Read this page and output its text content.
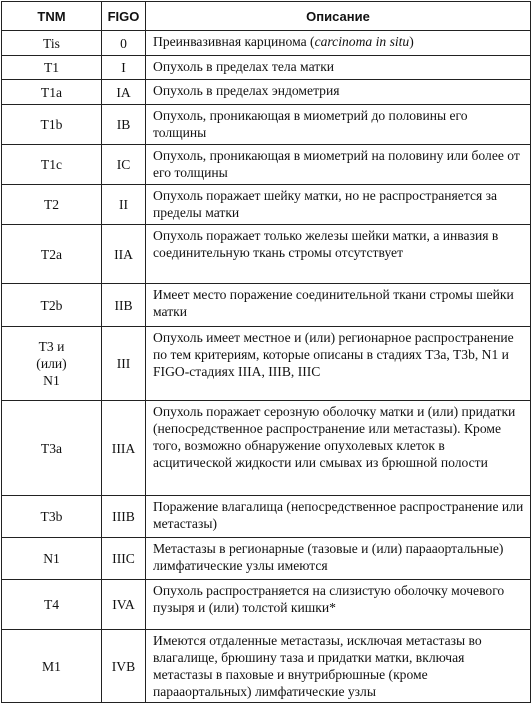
TNM	FIGO	Описание
Tis	0	Преинвазивная карцинома (carcinoma in situ)
T1	I	Опухоль в пределах тела матки
T1a	IA	Опухоль в пределах эндометрия
T1b	IB	Опухоль, проникающая в миометрий до половины его толщины
T1c	IC	Опухоль, проникающая в миометрий на половину или более от его толщины
T2	II	Опухоль поражает шейку матки, но не распространяется за пределы матки
T2a	IIA	Опухоль поражает только железы шейки матки, а инвазия в соединительную ткань стромы отсутствует
T2b	IIB	Имеет место поражение соединительной ткани стромы шейки матки

T3 и
(или)
N1	III	Опухоль имеет местное и (или) регионарное распространение по тем критериям, которые описаны в стадиях T3a, T3b, N1 и FIGO-стадиях IIIA, IIIB, IIIC
T3a	IIIA	Опухоль поражает серозную оболочку матки и (или) придатки (непосредственное распространение или метастазы). Кроме того, возможно обнаружение опухолевых клеток в асцитической жидкости или смывах из брюшной полости
T3b	IIIB	Поражение влагалища (непосредственное распространение или метастазы)
N1	IIIC	Метастазы в регионарные (тазовые и (или) парааортальные) лимфатические узлы имеются
T4	IVA	Опухоль распространяется на слизистую оболочку мочевого пузыря и (или) толстой кишки*
M1	IVB	Имеются отдаленные метастазы, исключая метастазы во влагалище, брюшину таза и придатки матки, включая метастазы в паховые и внутрибрюшные (кроме парааортальных) лимфатические узлы
